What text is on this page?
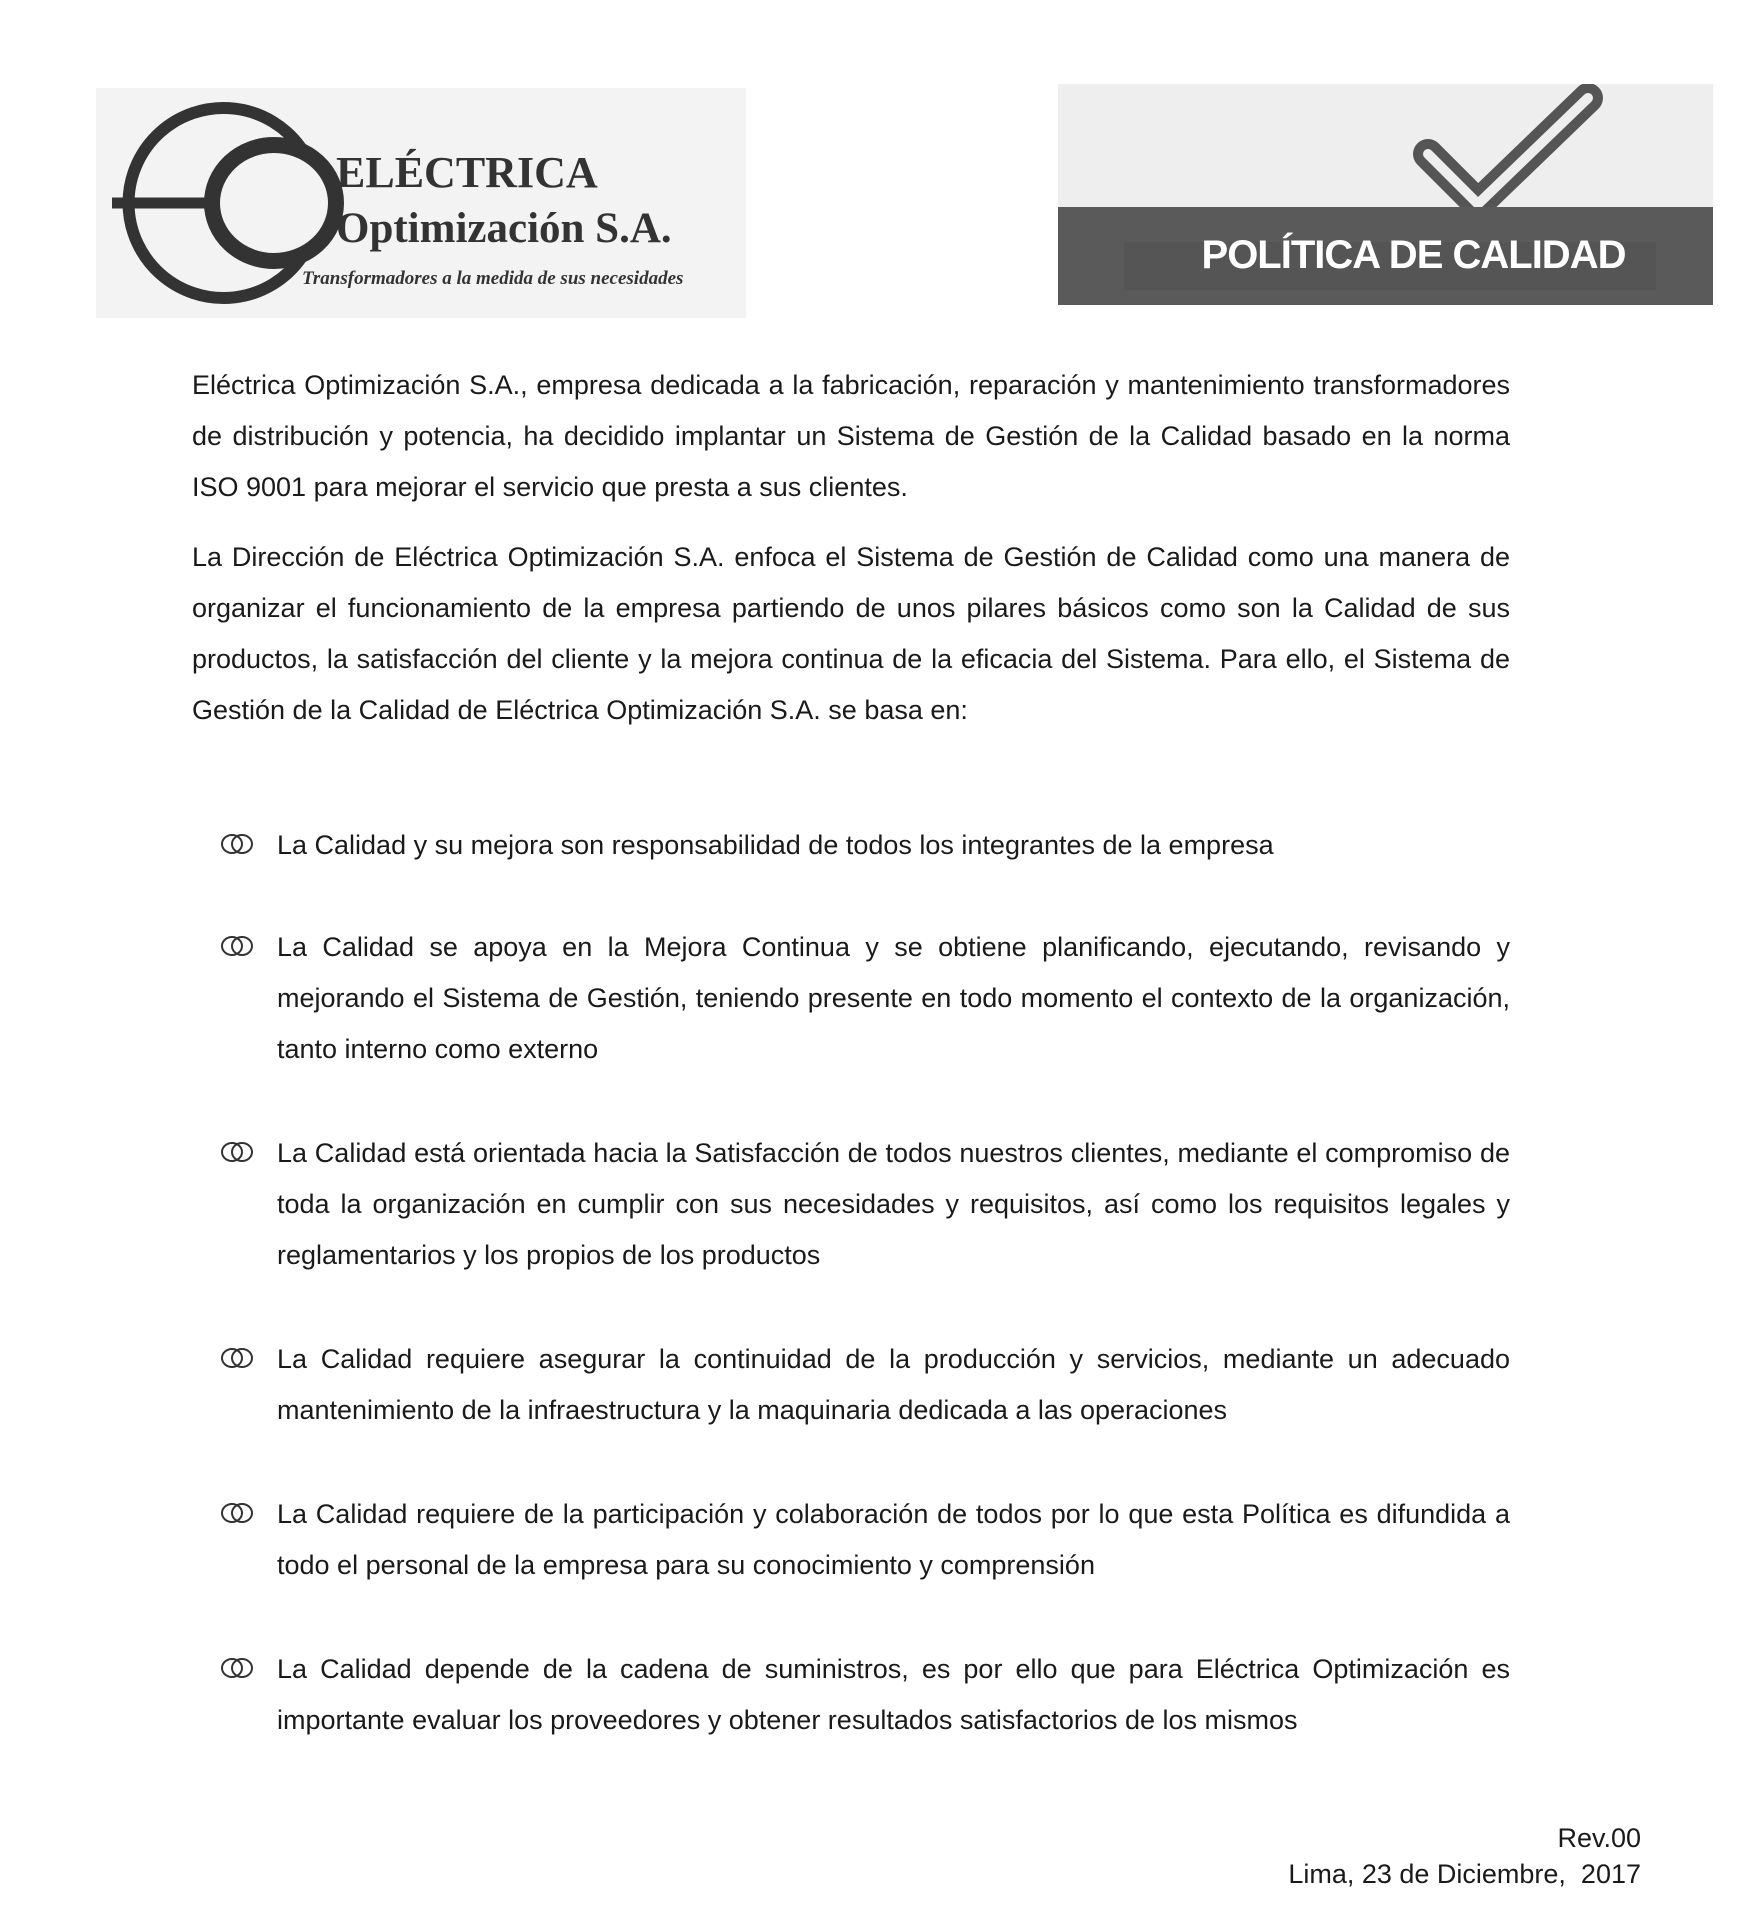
ELÉCTRICA
Optimización S.A.
Transformadores a la medida de sus necesidades
POLÍTICA DE CALIDAD

Eléctrica Optimización S.A., empresa dedicada a la fabricación, reparación y mantenimiento transformadores de distribución y potencia, ha decidido implantar un Sistema de Gestión de la Calidad basado en la norma ISO 9001 para mejorar el servicio que presta a sus clientes.

La Dirección de Eléctrica Optimización S.A. enfoca el Sistema de Gestión de Calidad como una manera de organizar el funcionamiento de la empresa partiendo de unos pilares básicos como son la Calidad de sus productos, la satisfacción del cliente y la mejora continua de la eficacia del Sistema. Para ello, el Sistema de Gestión de la Calidad de Eléctrica Optimización S.A. se basa en:

La Calidad y su mejora son responsabilidad de todos los integrantes de la empresa

La Calidad se apoya en la Mejora Continua y se obtiene planificando, ejecutando, revisando y mejorando el Sistema de Gestión, teniendo presente en todo momento el contexto de la organización, tanto interno como externo

La Calidad está orientada hacia la Satisfacción de todos nuestros clientes, mediante el compromiso de toda la organización en cumplir con sus necesidades y requisitos, así como los requisitos legales y reglamentarios y los propios de los productos

La Calidad requiere asegurar la continuidad de la producción y servicios, mediante un adecuado mantenimiento de la infraestructura y la maquinaria dedicada a las operaciones

La Calidad requiere de la participación y colaboración de todos por lo que esta Política es difundida a todo el personal de la empresa para su conocimiento y comprensión

La Calidad depende de la cadena de suministros, es por ello que para Eléctrica Optimización es importante evaluar los proveedores y obtener resultados satisfactorios de los mismos

Rev.00
Lima, 23 de Diciembre,  2017
